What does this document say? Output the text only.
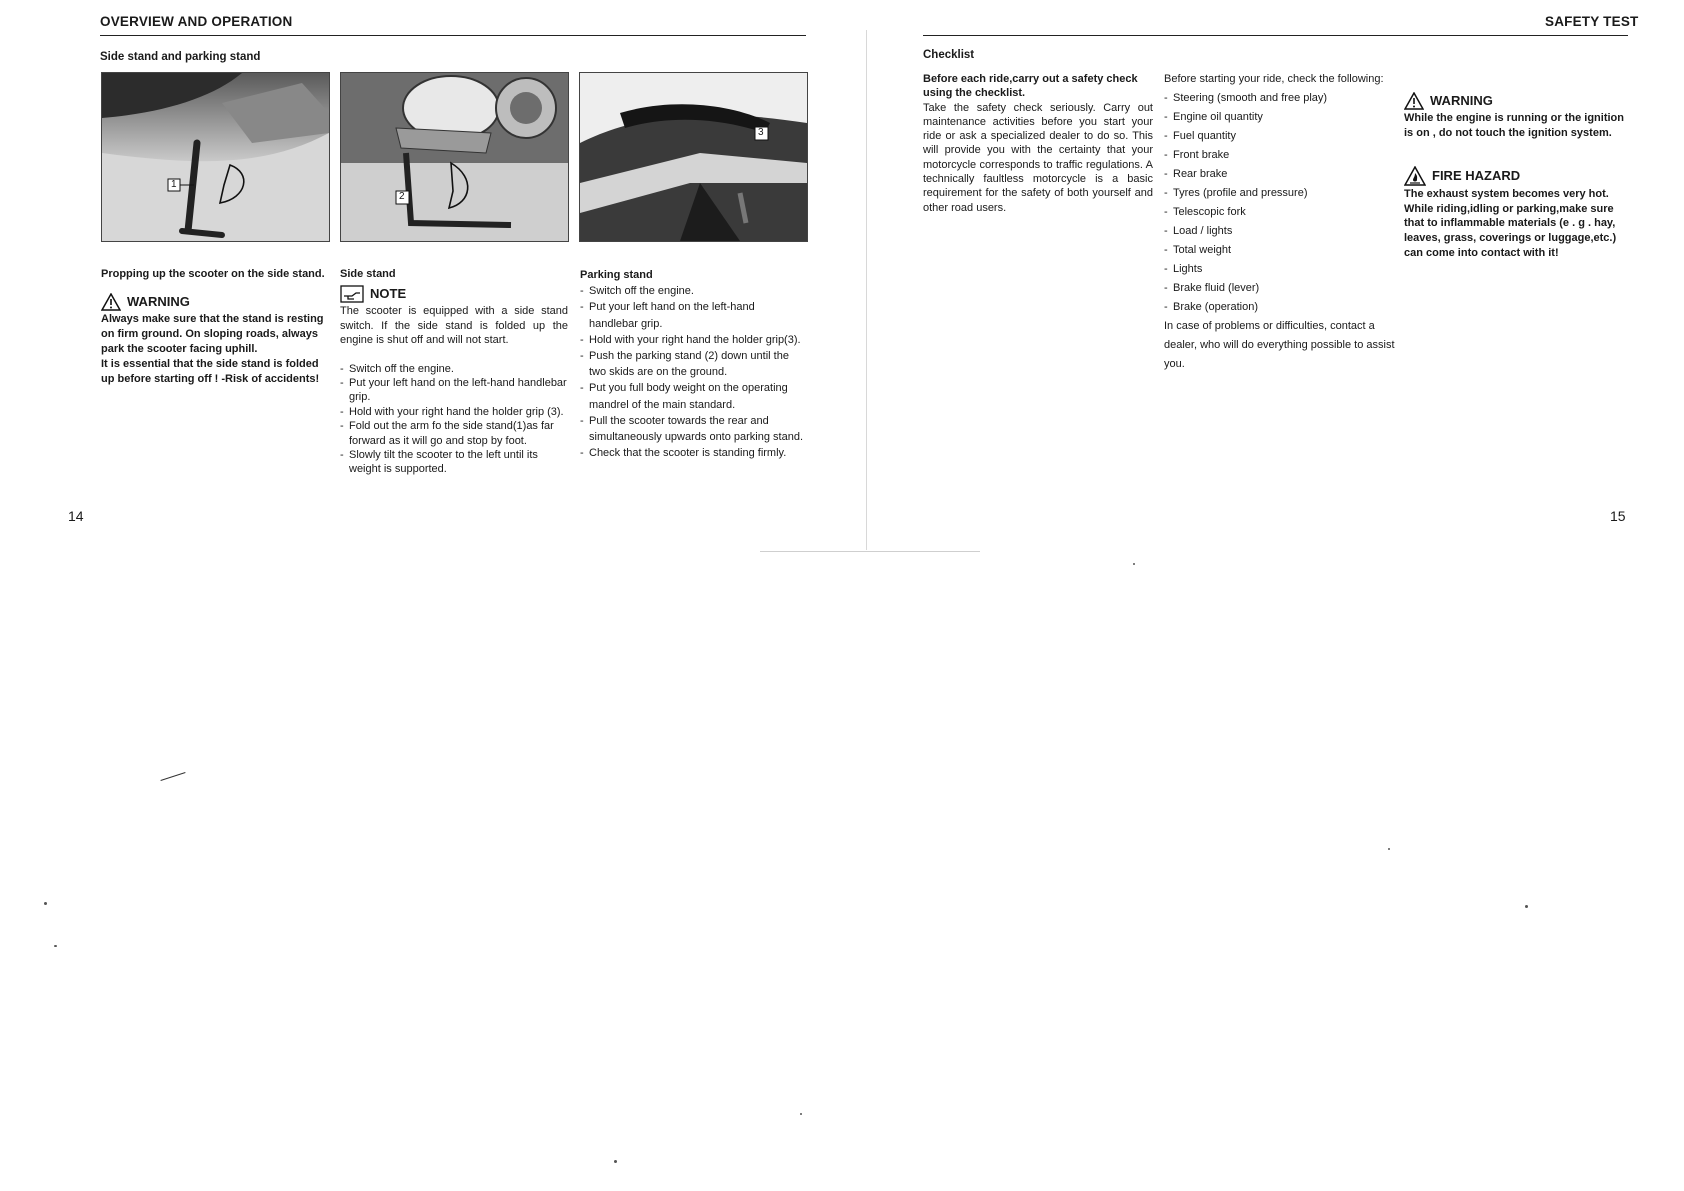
OVERVIEW AND OPERATION
Side stand and parking stand
1
2
3
Propping up the scooter on the side stand.
WARNING
Always make sure that the stand is resting on firm ground. On sloping roads, always park the scooter facing uphill.
It is essential that the side stand is folded up before starting off ! -Risk of accidents!
Side stand
NOTE
The scooter is equipped with a side stand switch. If the side stand is folded up the engine is shut off and will not start.
- Switch off the engine.
- Put your left hand on the left-hand handlebar grip.
- Hold with your right hand the holder grip (3).
- Fold out the arm fo the side stand(1)as far forward as it will go and stop by foot.
- Slowly tilt the scooter to the left until its weight is supported.
Parking stand
- Switch off the engine.
- Put your left hand on the left-hand handlebar grip.
- Hold with your right hand the holder grip(3).
- Push the parking stand (2) down until the two skids are on the ground.
- Put you full body weight on the operating mandrel of the main standard.
- Pull the scooter towards the rear and simultaneously upwards onto parking stand.
- Check that the scooter is standing firmly.
14
SAFETY TEST
Checklist
Before each ride,carry out a safety check using the checklist.
Take the safety check seriously. Carry out maintenance activities before you start your ride or ask a specialized dealer to do so. This will provide you with the certainty that your motorcycle corresponds to traffic regulations. A technically faultless motorcycle is a basic requirement for the safety of both yourself and other road users.
Before starting your ride, check the following:
- Steering (smooth and free play)
- Engine oil quantity
- Fuel quantity
- Front brake
- Rear brake
- Tyres (profile and pressure)
- Telescopic fork
- Load / lights
- Total weight
- Lights
- Brake fluid (lever)
- Brake (operation)
In case of problems or difficulties, contact a dealer, who will do everything possible to assist you.
WARNING
While the engine is running or the ignition is on , do not touch the ignition system.
FIRE HAZARD
The exhaust system becomes very hot. While riding,idling or parking,make sure that to inflammable materials (e . g . hay, leaves, grass, coverings or luggage,etc.) can come into contact with it!
15
